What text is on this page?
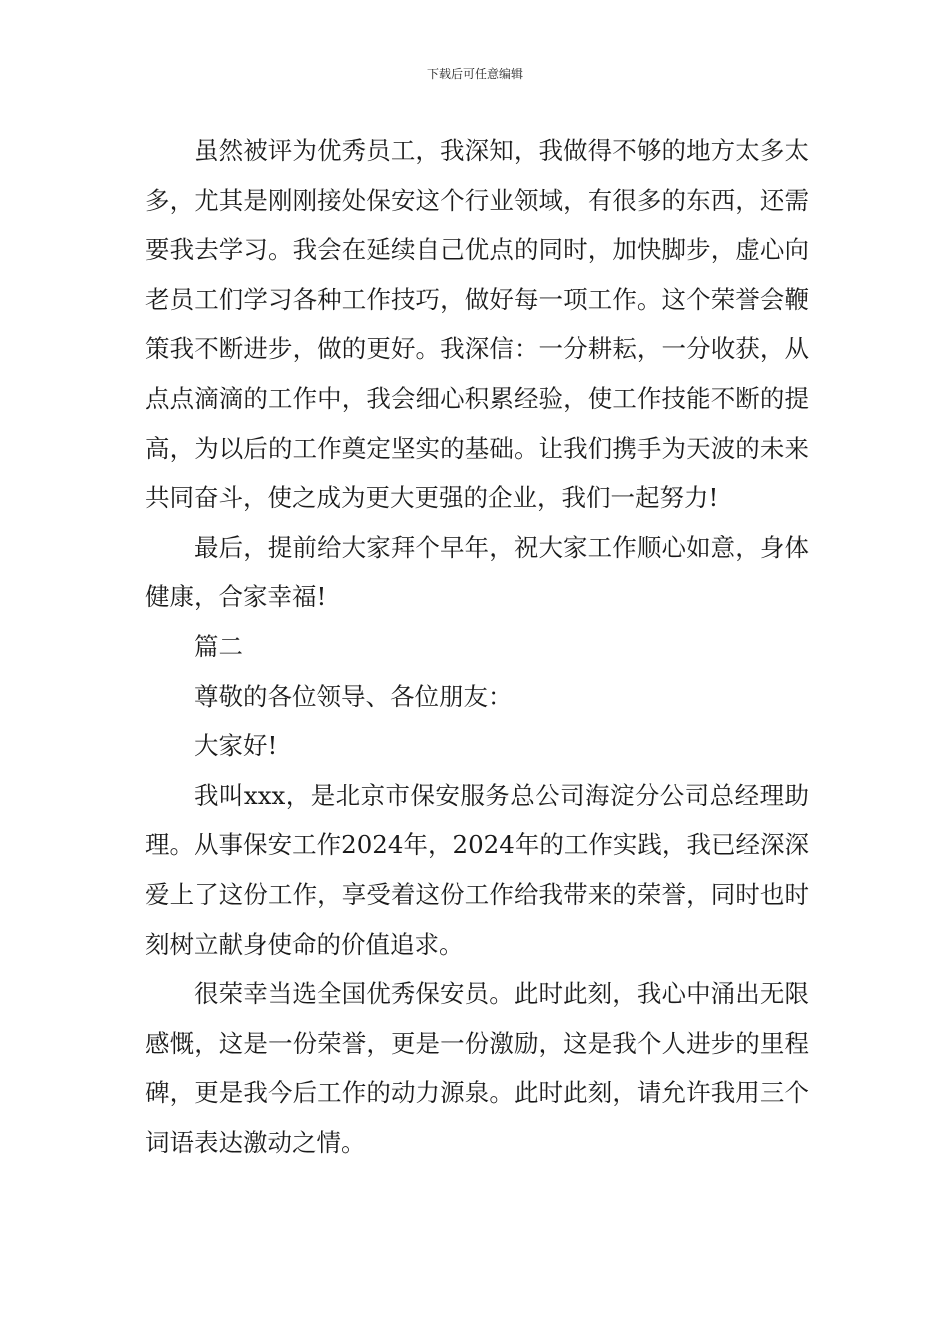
下载后可任意编辑

虽然被评为优秀员工，我深知，我做得不够的地方太多太多，尤其是刚刚接处保安这个行业领域，有很多的东西，还需要我去学习。我会在延续自己优点的同时，加快脚步，虚心向老员工们学习各种工作技巧，做好每一项工作。这个荣誉会鞭策我不断进步，做的更好。我深信：一分耕耘，一分收获，从点点滴滴的工作中，我会细心积累经验，使工作技能不断的提高，为以后的工作奠定坚实的基础。让我们携手为天波的未来共同奋斗，使之成为更大更强的企业，我们一起努力!

最后，提前给大家拜个早年，祝大家工作顺心如意，身体健康，合家幸福!

篇二

尊敬的各位领导、各位朋友：

大家好!

我叫xxx，是北京市保安服务总公司海淀分公司总经理助理。从事保安工作2024年，2024年的工作实践，我已经深深爱上了这份工作，享受着这份工作给我带来的荣誉，同时也时刻树立献身使命的价值追求。

很荣幸当选全国优秀保安员。此时此刻，我心中涌出无限感慨，这是一份荣誉，更是一份激励，这是我个人进步的里程碑，更是我今后工作的动力源泉。此时此刻，请允许我用三个词语表达激动之情。
